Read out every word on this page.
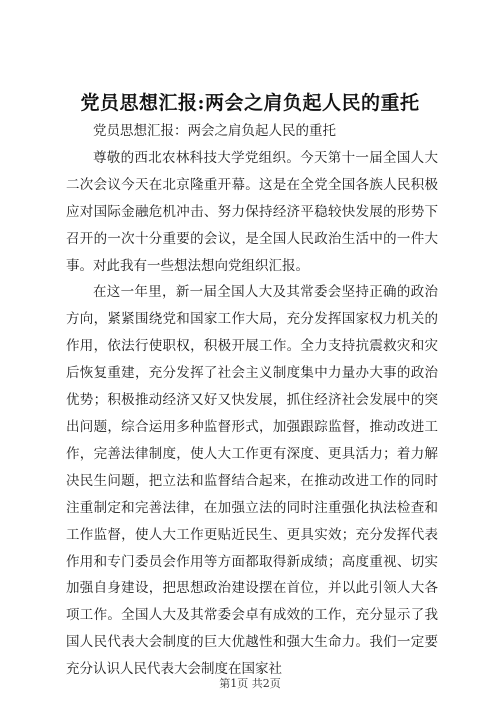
党员思想汇报:两会之肩负起人民的重托

党员思想汇报：两会之肩负起人民的重托

尊敬的西北农林科技大学党组织。今天第十一届全国人大二次会议今天在北京隆重开幕。这是在全党全国各族人民积极应对国际金融危机冲击、努力保持经济平稳较快发展的形势下召开的一次十分重要的会议，是全国人民政治生活中的一件大事。对此我有一些想法想向党组织汇报。

在这一年里，新一届全国人大及其常委会坚持正确的政治方向，紧紧围绕党和国家工作大局，充分发挥国家权力机关的作用，依法行使职权，积极开展工作。全力支持抗震救灾和灾后恢复重建，充分发挥了社会主义制度集中力量办大事的政治优势；积极推动经济又好又快发展，抓住经济社会发展中的突出问题，综合运用多种监督形式，加强跟踪监督，推动改进工作，完善法律制度，使人大工作更有深度、更具活力；着力解决民生问题，把立法和监督结合起来，在推动改进工作的同时注重制定和完善法律，在加强立法的同时注重强化执法检查和工作监督，使人大工作更贴近民生、更具实效；充分发挥代表作用和专门委员会作用等方面都取得新成绩；高度重视、切实加强自身建设，把思想政治建设摆在首位，并以此引领人大各项工作。全国人大及其常委会卓有成效的工作，充分显示了我国人民代表大会制度的巨大优越性和强大生命力。我们一定要充分认识人民代表大会制度在国家社

第1页 共2页
